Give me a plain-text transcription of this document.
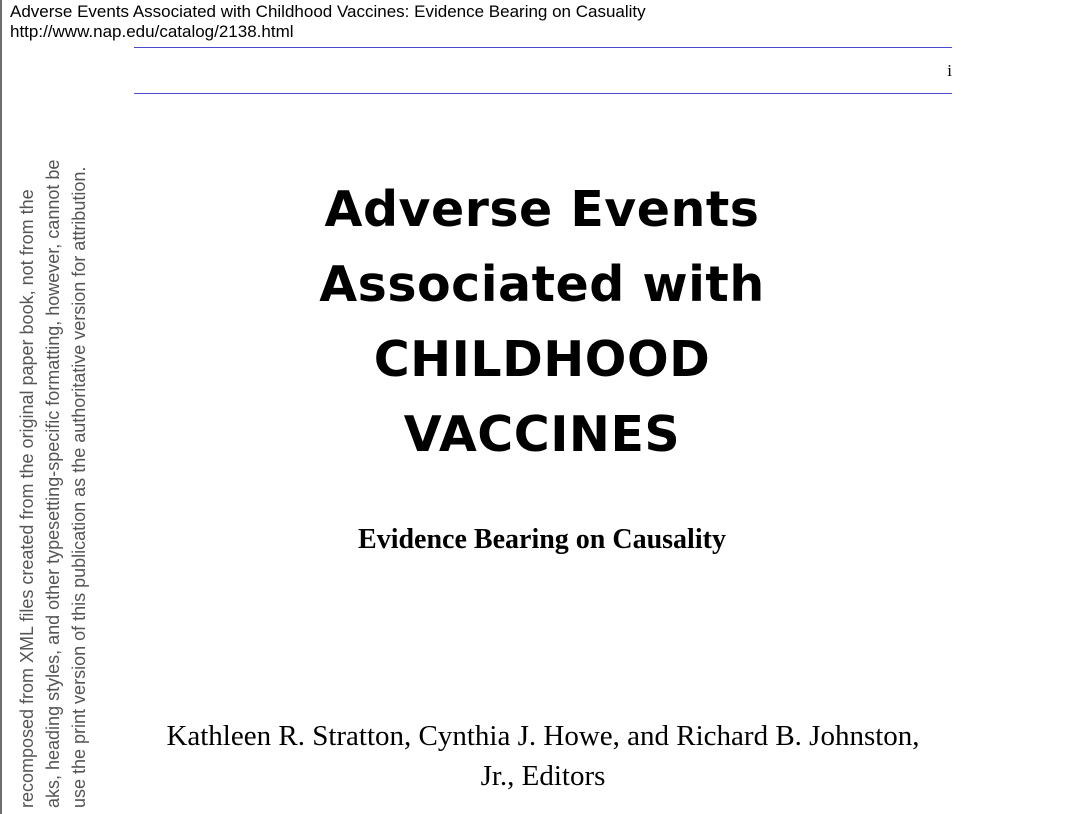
Adverse Events Associated with Childhood Vaccines: Evidence Bearing on Casuality
http://www.nap.edu/catalog/2138.html
i
recomposed from XML files created from the original paper book, not from the aks, heading styles, and other typesetting-specific formatting, however, cannot be use the print version of this publication as the authoritative version for attribution.	Adverse Events
Associated with
CHILDHOOD
VACCINES
Evidence Bearing on Causality
Kathleen R. Stratton, Cynthia J. Howe, and Richard B. Johnston,
Jr., Editors
